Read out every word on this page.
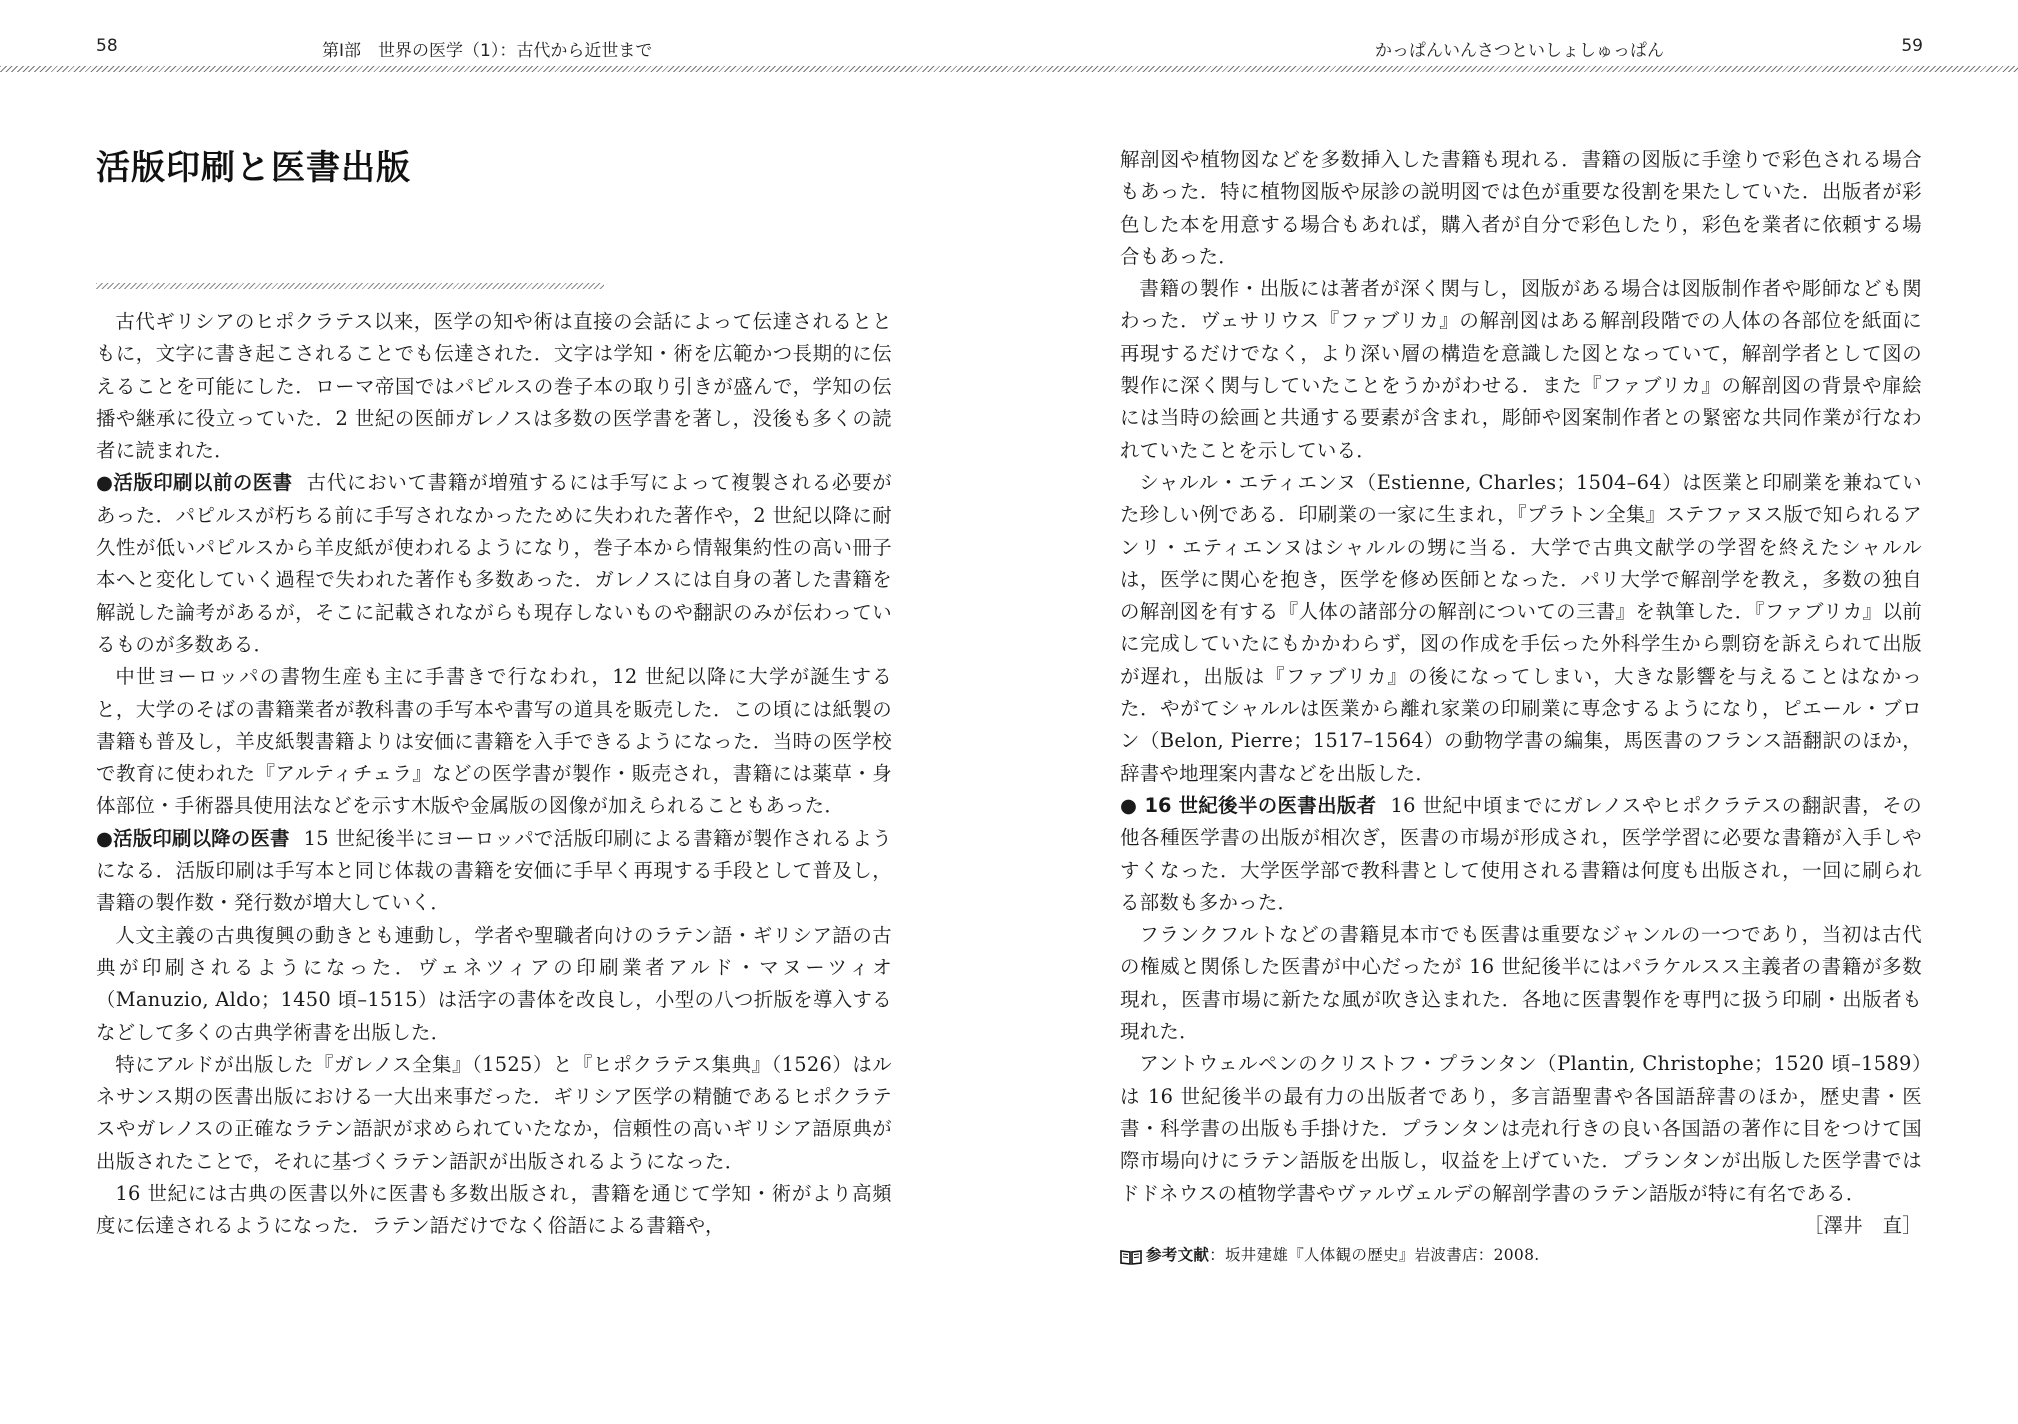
58	第Ⅰ部　世界の医学（1）：古代から近世まで	かっぱんいんさつといしょしゅっぱん	59
活版印刷と医書出版

古代ギリシアのヒポクラテス以来，医学の知や術は直接の会話によって伝達されるとともに，文字に書き起こされることでも伝達された．文字は学知・術を広範かつ長期的に伝えることを可能にした．ローマ帝国ではパピルスの巻子本の取り引きが盛んで，学知の伝播や継承に役立っていた．2 世紀の医師ガレノスは多数の医学書を著し，没後も多くの読者に読まれた．

●活版印刷以前の医書 古代において書籍が増殖するには手写によって複製される必要があった．パピルスが朽ちる前に手写されなかったために失われた著作や，2 世紀以降に耐久性が低いパピルスから羊皮紙が使われるようになり，巻子本から情報集約性の高い冊子本へと変化していく過程で失われた著作も多数あった．ガレノスには自身の著した書籍を解説した論考があるが，そこに記載されながらも現存しないものや翻訳のみが伝わっているものが多数ある．

中世ヨーロッパの書物生産も主に手書きで行なわれ，12 世紀以降に大学が誕生すると，大学のそばの書籍業者が教科書の手写本や書写の道具を販売した．この頃には紙製の書籍も普及し，羊皮紙製書籍よりは安価に書籍を入手できるようになった．当時の医学校で教育に使われた『アルティチェラ』などの医学書が製作・販売され，書籍には薬草・身体部位・手術器具使用法などを示す木版や金属版の図像が加えられることもあった．

●活版印刷以降の医書 15 世紀後半にヨーロッパで活版印刷による書籍が製作されるようになる．活版印刷は手写本と同じ体裁の書籍を安価に手早く再現する手段として普及し，書籍の製作数・発行数が増大していく．

人文主義の古典復興の動きとも連動し，学者や聖職者向けのラテン語・ギリシア語の古典が印刷されるようになった．ヴェネツィアの印刷業者アルド・マヌーツィオ（Manuzio, Aldo；1450 頃–1515）は活字の書体を改良し，小型の八つ折版を導入するなどして多くの古典学術書を出版した．

特にアルドが出版した『ガレノス全集』（1525）と『ヒポクラテス集典』（1526）はルネサンス期の医書出版における一大出来事だった．ギリシア医学の精髄であるヒポクラテスやガレノスの正確なラテン語訳が求められていたなか，信頼性の高いギリシア語原典が出版されたことで，それに基づくラテン語訳が出版されるようになった．

16 世紀には古典の医書以外に医書も多数出版され，書籍を通じて学知・術がより高頻度に伝達されるようになった．ラテン語だけでなく俗語による書籍や，

解剖図や植物図などを多数挿入した書籍も現れる．書籍の図版に手塗りで彩色される場合もあった．特に植物図版や尿診の説明図では色が重要な役割を果たしていた．出版者が彩色した本を用意する場合もあれば，購入者が自分で彩色したり，彩色を業者に依頼する場合もあった．

書籍の製作・出版には著者が深く関与し，図版がある場合は図版制作者や彫師なども関わった．ヴェサリウス『ファブリカ』の解剖図はある解剖段階での人体の各部位を紙面に再現するだけでなく，より深い層の構造を意識した図となっていて，解剖学者として図の製作に深く関与していたことをうかがわせる．また『ファブリカ』の解剖図の背景や扉絵には当時の絵画と共通する要素が含まれ，彫師や図案制作者との緊密な共同作業が行なわれていたことを示している．

シャルル・エティエンヌ（Estienne, Charles；1504–64）は医業と印刷業を兼ねていた珍しい例である．印刷業の一家に生まれ，『プラトン全集』ステファヌス版で知られるアンリ・エティエンヌはシャルルの甥に当る．大学で古典文献学の学習を終えたシャルルは，医学に関心を抱き，医学を修め医師となった．パリ大学で解剖学を教え，多数の独自の解剖図を有する『人体の諸部分の解剖についての三書』を執筆した．『ファブリカ』以前に完成していたにもかかわらず，図の作成を手伝った外科学生から剽窃を訴えられて出版が遅れ，出版は『ファブリカ』の後になってしまい，大きな影響を与えることはなかった．やがてシャルルは医業から離れ家業の印刷業に専念するようになり，ピエール・ブロン（Belon, Pierre；1517–1564）の動物学書の編集，馬医書のフランス語翻訳のほか，辞書や地理案内書などを出版した．

● 16 世紀後半の医書出版者 16 世紀中頃までにガレノスやヒポクラテスの翻訳書，その他各種医学書の出版が相次ぎ，医書の市場が形成され，医学学習に必要な書籍が入手しやすくなった．大学医学部で教科書として使用される書籍は何度も出版され，一回に刷られる部数も多かった．

フランクフルトなどの書籍見本市でも医書は重要なジャンルの一つであり，当初は古代の権威と関係した医書が中心だったが 16 世紀後半にはパラケルスス主義者の書籍が多数現れ，医書市場に新たな風が吹き込まれた．各地に医書製作を専門に扱う印刷・出版者も現れた．

アントウェルペンのクリストフ・プランタン（Plantin, Christophe；1520 頃–1589）は 16 世紀後半の最有力の出版者であり，多言語聖書や各国語辞書のほか，歴史書・医書・科学書の出版も手掛けた．プランタンは売れ行きの良い各国語の著作に目をつけて国際市場向けにラテン語版を出版し，収益を上げていた．プランタンが出版した医学書ではドドネウスの植物学書やヴァルヴェルデの解剖学書のラテン語版が特に有名である．
［澤井　直］

参考文献 ：坂井建雄『人体観の歴史』岩波書店：2008.
